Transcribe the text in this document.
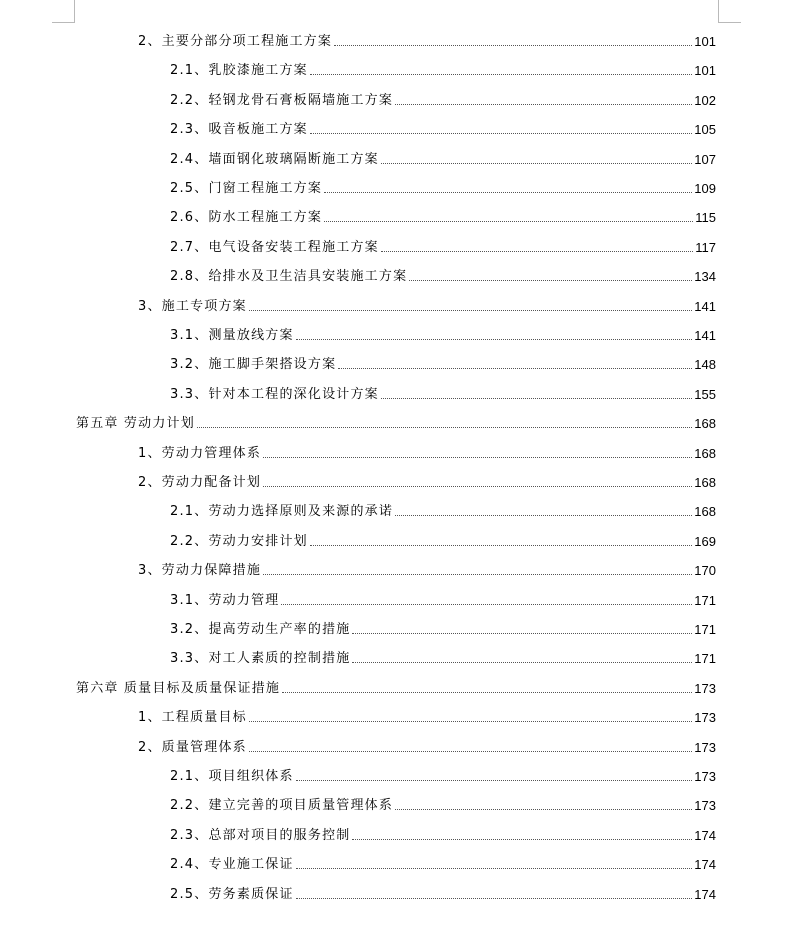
2、主要分部分项工程施工方案	101
2.1、乳胶漆施工方案	101
2.2、轻钢龙骨石膏板隔墙施工方案	102
2.3、吸音板施工方案	105
2.4、墙面钢化玻璃隔断施工方案	107
2.5、门窗工程施工方案	109
2.6、防水工程施工方案	115
2.7、电气设备安装工程施工方案	117
2.8、给排水及卫生洁具安装施工方案	134
3、施工专项方案	141
3.1、测量放线方案	141
3.2、施工脚手架搭设方案	148
3.3、针对本工程的深化设计方案	155
第五章 劳动力计划	168
1、劳动力管理体系	168
2、劳动力配备计划	168
2.1、劳动力选择原则及来源的承诺	168
2.2、劳动力安排计划	169
3、劳动力保障措施	170
3.1、劳动力管理	171
3.2、提高劳动生产率的措施	171
3.3、对工人素质的控制措施	171
第六章 质量目标及质量保证措施	173
1、工程质量目标	173
2、质量管理体系	173
2.1、项目组织体系	173
2.2、建立完善的项目质量管理体系	173
2.3、总部对项目的服务控制	174
2.4、专业施工保证	174
2.5、劳务素质保证	174
